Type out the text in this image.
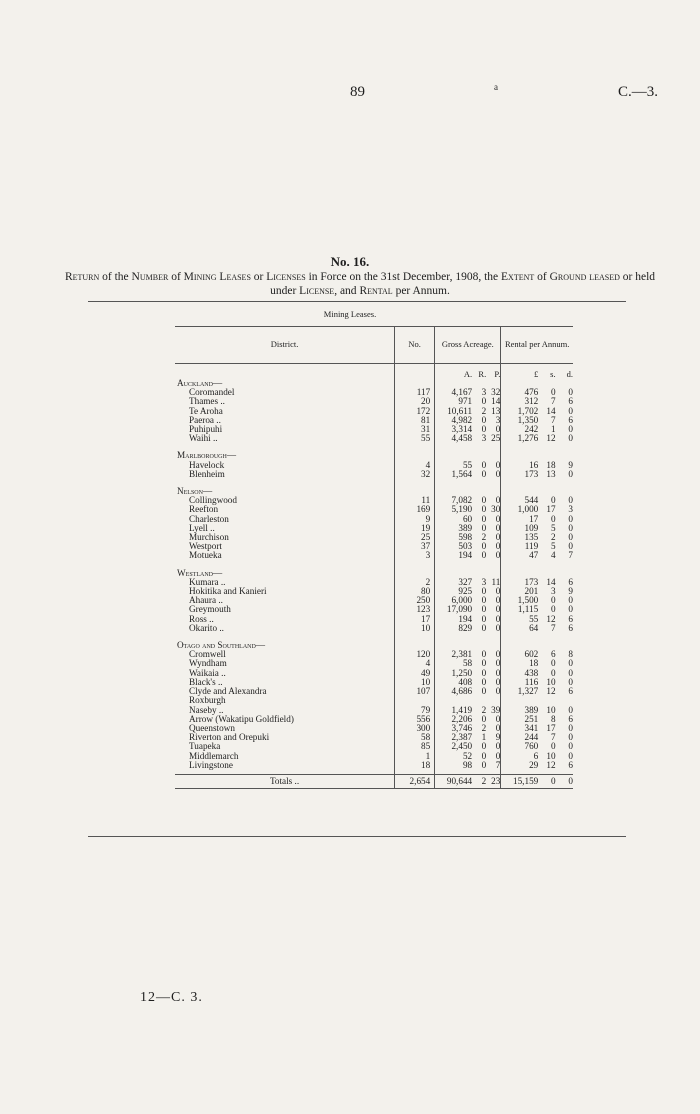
89	a	C.—3.
No. 16.
Return of the Number of Mining Leases or Licenses in Force on the 31st December, 1908, the Extent of Ground leased or held under License, and Rental per Annum.
Mining Leases.
District.	No.	Gross Acreage.			Rental per Annum.		

		A.	R.	P.	£	s.	d.
Auckland—							
Coromandel	117	4,167	3	32	476	0	0
Thames ..	20	971	0	14	312	7	6
Te Aroha	172	10,611	2	13	1,702	14	0
Paeroa ..	81	4,982	0	3	1,350	7	6
Puhipuhi	31	3,314	0	0	242	1	0
Waihi ..	55	4,458	3	25	1,276	12	0

Marlborough—							
Havelock	4	55	0	0	16	18	9
Blenheim	32	1,564	0	0	173	13	0

Nelson—							
Collingwood	11	7,082	0	0	544	0	0
Reefton	169	5,190	0	30	1,000	17	3
Charleston	9	60	0	0	17	0	0
Lyell ..	19	389	0	0	109	5	0
Murchison	25	598	2	0	135	2	0
Westport	37	503	0	0	119	5	0
Motueka	3	194	0	0	47	4	7

Westland—							
Kumara ..	2	327	3	11	173	14	6
Hokitika and Kanieri	80	925	0	0	201	3	9
Ahaura ..	250	6,000	0	0	1,500	0	0
Greymouth	123	17,090	0	0	1,115	0	0
Ross ..	17	194	0	0	55	12	6
Okarito ..	10	829	0	0	64	7	6

Otago and Southland—							
Cromwell	120	2,381	0	0	602	6	8
Wyndham	4	58	0	0	18	0	0
Waikaia ..	49	1,250	0	0	438	0	0
Black's ..	10	408	0	0	116	10	0
Clyde and Alexandra	107	4,686	0	0	1,327	12	6
Roxburgh							
Naseby ..	79	1,419	2	39	389	10	0
Arrow (Wakatipu Goldfield)	556	2,206	0	0	251	8	6
Queenstown	300	3,746	2	0	341	17	0
Riverton and Orepuki	58	2,387	1	9	244	7	0
Tuapeka	85	2,450	0	0	760	0	0
Middlemarch	1	52	0	0	6	10	0
Livingstone	18	98	0	7	29	12	6

Totals ..	2,654	90,644	2	23	15,159	0	0
12—C. 3.
